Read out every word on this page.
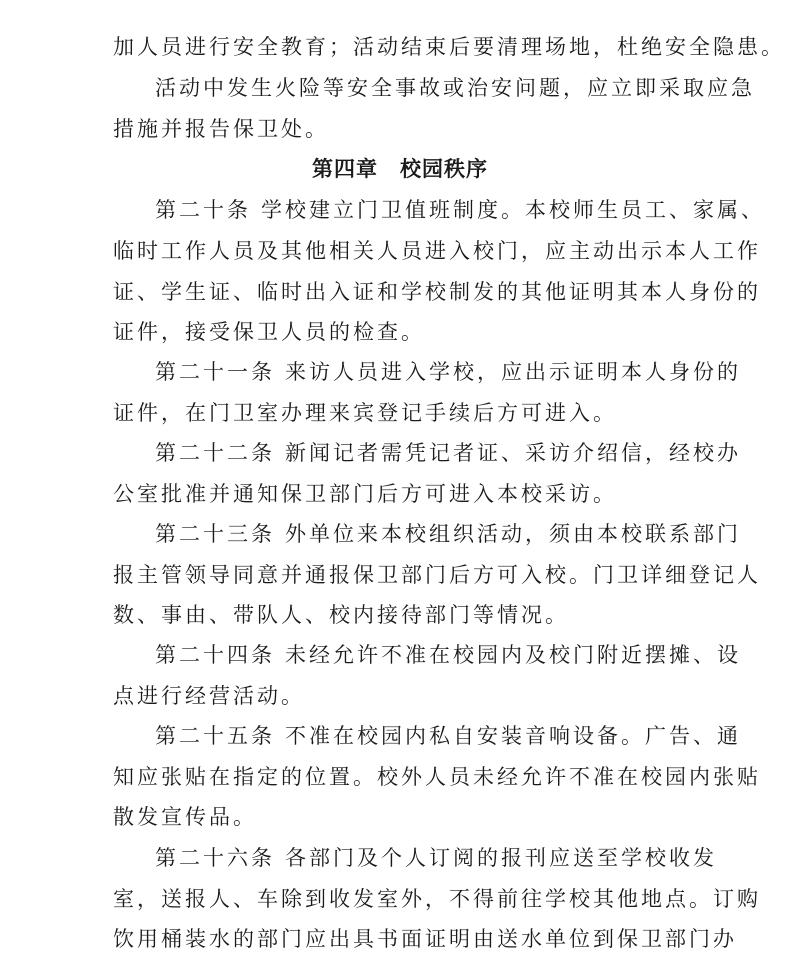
加人员进行安全教育；活动结束后要清理场地，杜绝安全隐患。
活动中发生火险等安全事故或治安问题，应立即采取应急
措施并报告保卫处。
第四章　校园秩序
第二十条 学校建立门卫值班制度。本校师生员工、家属、
临时工作人员及其他相关人员进入校门，应主动出示本人工作
证、学生证、临时出入证和学校制发的其他证明其本人身份的
证件，接受保卫人员的检查。
第二十一条 来访人员进入学校，应出示证明本人身份的
证件，在门卫室办理来宾登记手续后方可进入。
第二十二条 新闻记者需凭记者证、采访介绍信，经校办
公室批准并通知保卫部门后方可进入本校采访。
第二十三条 外单位来本校组织活动，须由本校联系部门
报主管领导同意并通报保卫部门后方可入校。门卫详细登记人
数、事由、带队人、校内接待部门等情况。
第二十四条 未经允许不准在校园内及校门附近摆摊、设
点进行经营活动。
第二十五条 不准在校园内私自安装音响设备。广告、通
知应张贴在指定的位置。校外人员未经允许不准在校园内张贴
散发宣传品。
第二十六条 各部门及个人订阅的报刊应送至学校收发
室，送报人、车除到收发室外，不得前往学校其他地点。订购
饮用桶装水的部门应出具书面证明由送水单位到保卫部门办
